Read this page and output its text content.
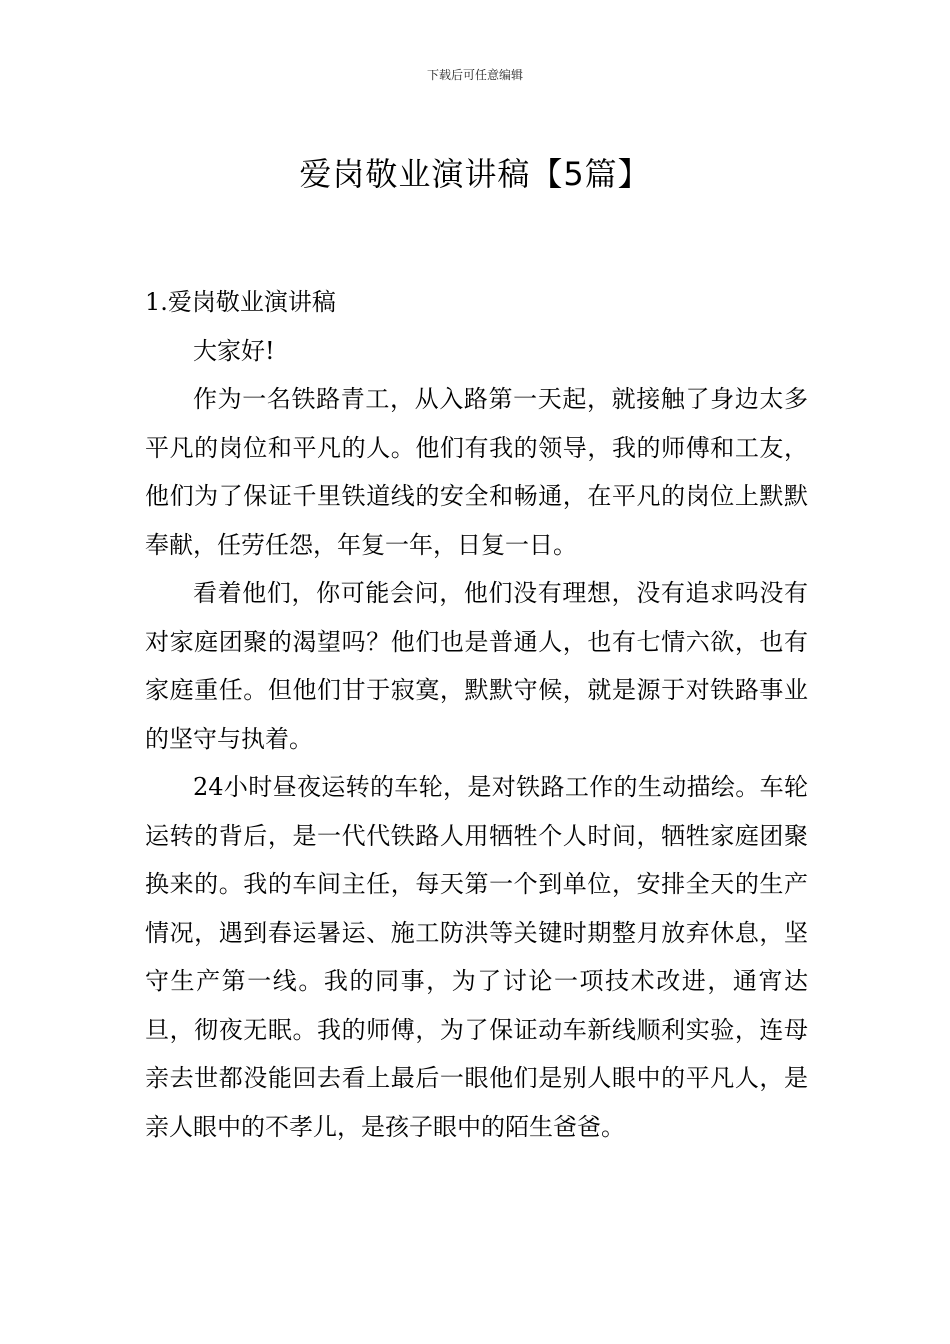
下载后可任意编辑
爱岗敬业演讲稿【5篇】

1.爱岗敬业演讲稿

大家好!

作为一名铁路青工，从入路第一天起，就接触了身边太多平凡的岗位和平凡的人。他们有我的领导，我的师傅和工友，他们为了保证千里铁道线的安全和畅通，在平凡的岗位上默默奉献，任劳任怨，年复一年，日复一日。

看着他们，你可能会问，他们没有理想，没有追求吗没有对家庭团聚的渴望吗？他们也是普通人，也有七情六欲，也有家庭重任。但他们甘于寂寞，默默守候，就是源于对铁路事业的坚守与执着。

24小时昼夜运转的车轮，是对铁路工作的生动描绘。车轮运转的背后，是一代代铁路人用牺牲个人时间，牺牲家庭团聚换来的。我的车间主任，每天第一个到单位，安排全天的生产情况，遇到春运暑运、施工防洪等关键时期整月放弃休息，坚守生产第一线。我的同事，为了讨论一项技术改进，通宵达旦，彻夜无眠。我的师傅，为了保证动车新线顺利实验，连母亲去世都没能回去看上最后一眼他们是别人眼中的平凡人，是亲人眼中的不孝儿，是孩子眼中的陌生爸爸。
